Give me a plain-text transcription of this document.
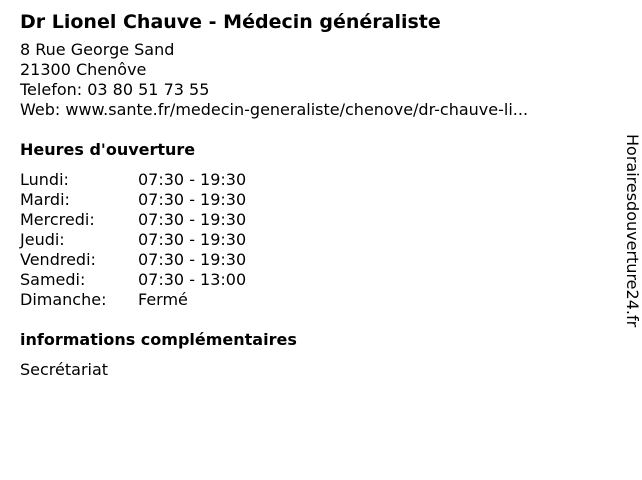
Dr Lionel Chauve - Médecin généraliste
8 Rue George Sand
21300 Chenôve
Telefon: 03 80 51 73 55
Web: www.sante.fr/medecin-generaliste/chenove/dr-chauve-li...
Heures d'ouverture
Lundi:	07:30 - 19:30
Mardi:	07:30 - 19:30
Mercredi:	07:30 - 19:30
Jeudi:	07:30 - 19:30
Vendredi:	07:30 - 19:30
Samedi:	07:30 - 13:00
Dimanche:	Fermé
informations complémentaires
Secrétariat
Horairesdouverture24.fr
